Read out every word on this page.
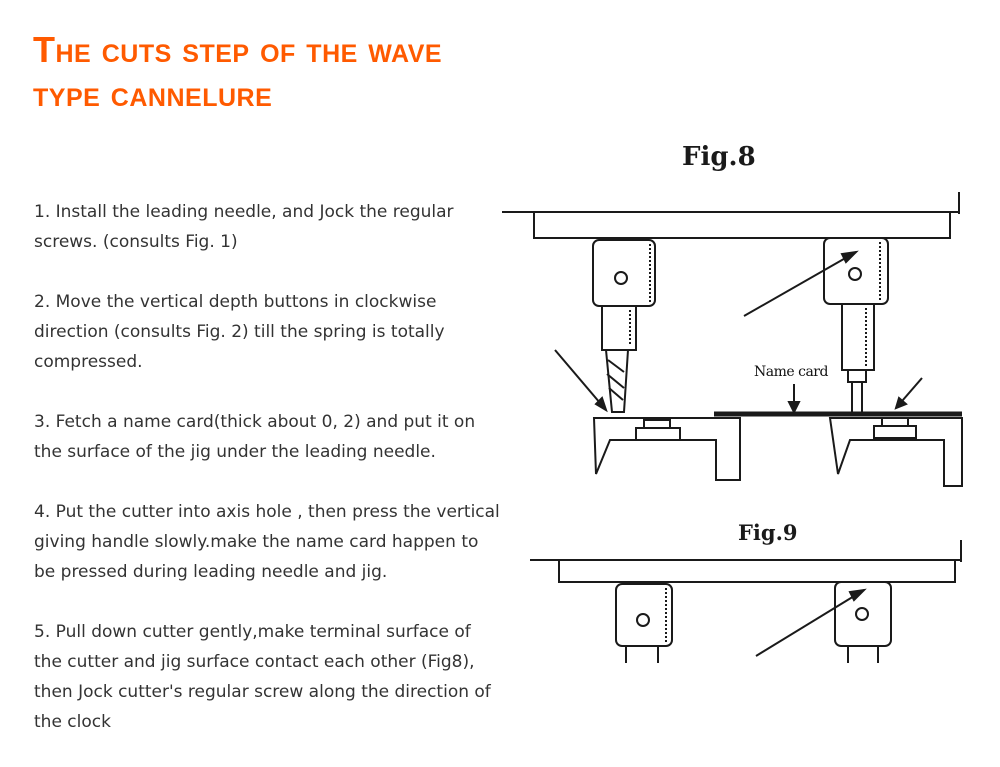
The cuts step of the wave
type cannelure

1. Install the leading needle, and Jock the regular screws. (consults Fig. 1)

2. Move the vertical depth buttons in clockwise direction (consults Fig. 2) till the spring is totally compressed.

3. Fetch a name card(thick about 0, 2) and put it on the surface of the jig under the leading needle.

4. Put the cutter into axis hole , then press the vertical giving handle slowly.make the name card happen to be pressed during leading needle and jig.

5. Pull down cutter gently,make terminal surface of the cutter and jig surface contact each other (Fig8), then Jock cutter's regular screw along the direction of the clock

Fig.8
Fig.9
Name card
